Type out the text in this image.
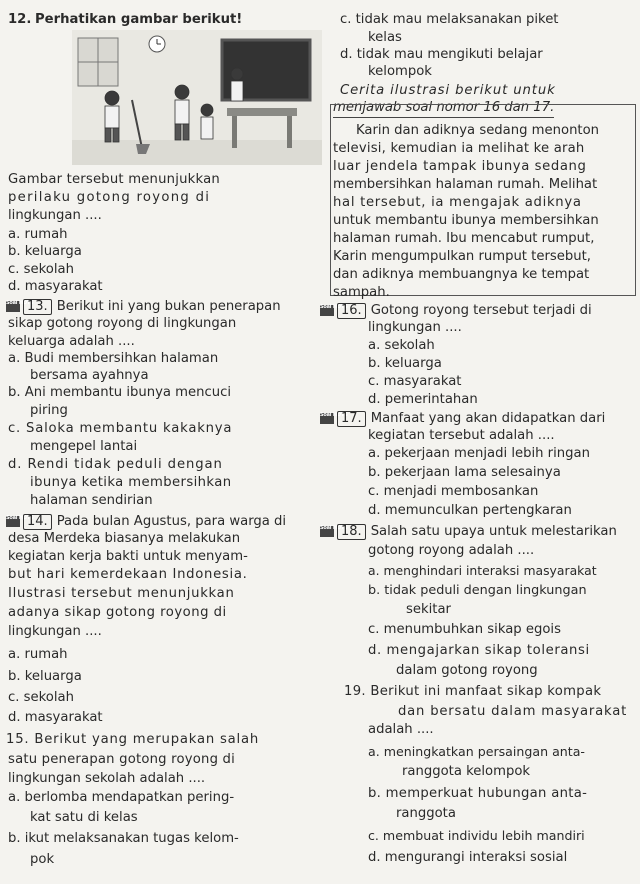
12. Perhatikan gambar berikut!
Gambar tersebut menunjukkan
perilaku gotong royong di
lingkungan ....
a. rumah
b. keluarga
c. sekolah
d. masyarakat
Soal HOTS13. Berikut ini yang bukan penerapan
sikap gotong royong di lingkungan
keluarga adalah ....
a. Budi membersihkan halaman
bersama ayahnya
b. Ani membantu ibunya mencuci
piring
c. Saloka membantu kakaknya
mengepel lantai
d. Rendi tidak peduli dengan
ibunya ketika membersihkan
halaman sendirian
Soal HOTS14. Pada bulan Agustus, para warga di
desa Merdeka biasanya melakukan
kegiatan kerja bakti untuk menyam-
but hari kemerdekaan Indonesia.
Ilustrasi tersebut menunjukkan
adanya sikap gotong royong di
lingkungan ....
a. rumah
b. keluarga
c. sekolah
d. masyarakat
15. Berikut yang merupakan salah
satu penerapan gotong royong di
lingkungan sekolah adalah ....
a. berlomba mendapatkan pering-
kat satu di kelas
b. ikut melaksanakan tugas kelom-
pok
c. tidak mau melaksanakan piket
kelas
d. tidak mau mengikuti belajar
kelompok
Cerita ilustrasi berikut untuk
menjawab soal nomor 16 dan 17.
Karin dan adiknya sedang menonton
televisi, kemudian ia melihat ke arah
luar jendela tampak ibunya sedang
membersihkan halaman rumah. Melihat
hal tersebut, ia mengajak adiknya
untuk membantu ibunya membersihkan
halaman rumah. Ibu mencabut rumput,
Karin mengumpulkan rumput tersebut,
dan adiknya membuangnya ke tempat
sampah.
Soal HOTS16. Gotong royong tersebut terjadi di
lingkungan ....
a. sekolah
b. keluarga
c. masyarakat
d. pemerintahan
Soal HOTS17. Manfaat yang akan didapatkan dari
kegiatan tersebut adalah ....
a. pekerjaan menjadi lebih ringan
b. pekerjaan lama selesainya
c. menjadi membosankan
d. memunculkan pertengkaran
Soal HOTS18. Salah satu upaya untuk melestarikan
gotong royong adalah ....
a. menghindari interaksi masyarakat
b. tidak peduli dengan lingkungan
sekitar
c. menumbuhkan sikap egois
d. mengajarkan sikap toleransi
dalam gotong royong
19. Berikut ini manfaat sikap kompak
dan bersatu dalam masyarakat
adalah ....
a. meningkatkan persaingan anta-
ranggota kelompok
b. memperkuat hubungan anta-
ranggota
c. membuat individu lebih mandiri
d. mengurangi interaksi sosial
